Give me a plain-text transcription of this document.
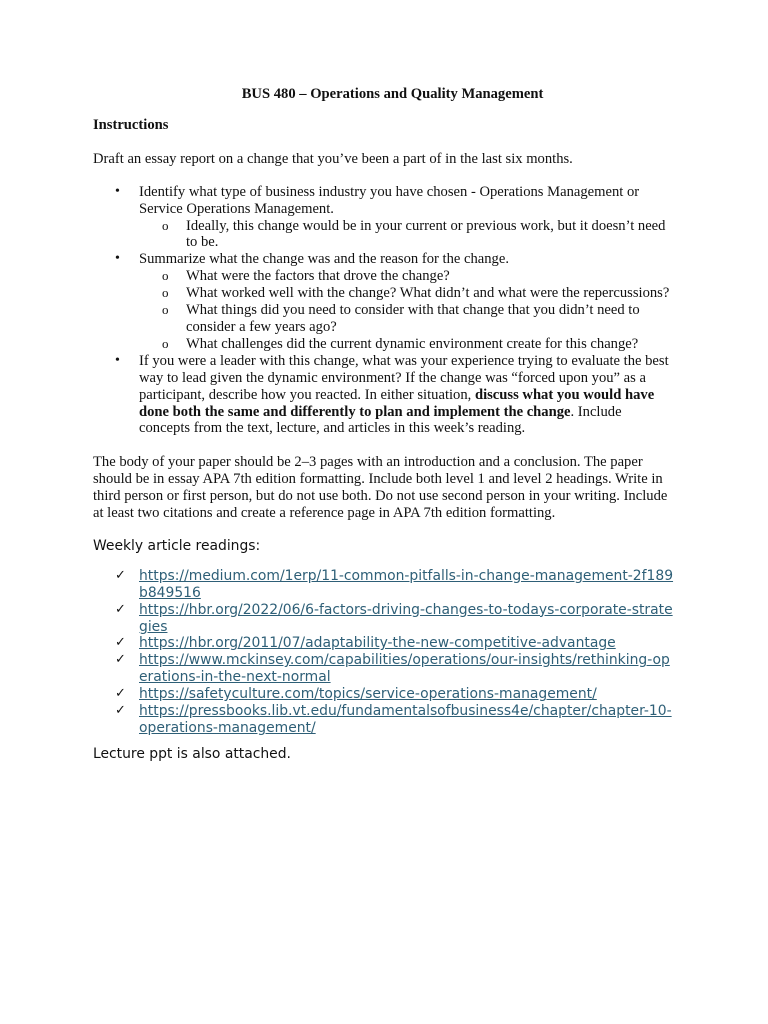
BUS 480 – Operations and Quality Management
Instructions
Draft an essay report on a change that you’ve been a part of in the last six months.
• Identify what type of business industry you have chosen - Operations Management or Service Operations Management.
o Ideally, this change would be in your current or previous work, but it doesn’t need to be.
• Summarize what the change was and the reason for the change.
o What were the factors that drove the change?
o What worked well with the change? What didn’t and what were the repercussions?
o What things did you need to consider with that change that you didn’t need to consider a few years ago?
o What challenges did the current dynamic environment create for this change?
• If you were a leader with this change, what was your experience trying to evaluate the best way to lead given the dynamic environment? If the change was “forced upon you” as a participant, describe how you reacted. In either situation, discuss what you would have done both the same and differently to plan and implement the change. Include concepts from the text, lecture, and articles in this week’s reading.
The body of your paper should be 2–3 pages with an introduction and a conclusion. The paper should be in essay APA 7th edition formatting. Include both level 1 and level 2 headings. Write in third person or first person, but do not use both. Do not use second person in your writing. Include at least two citations and create a reference page in APA 7th edition formatting.
Weekly article readings:
✓ https://medium.com/1erp/11-common-pitfalls-in-change-management-2f189b849516
✓ https://hbr.org/2022/06/6-factors-driving-changes-to-todays-corporate-strategies
✓ https://hbr.org/2011/07/adaptability-the-new-competitive-advantage
✓ https://www.mckinsey.com/capabilities/operations/our-insights/rethinking-operations-in-the-next-normal
✓ https://safetyculture.com/topics/service-operations-management/
✓ https://pressbooks.lib.vt.edu/fundamentalsofbusiness4e/chapter/chapter-10-operations-management/
Lecture ppt is also attached.
